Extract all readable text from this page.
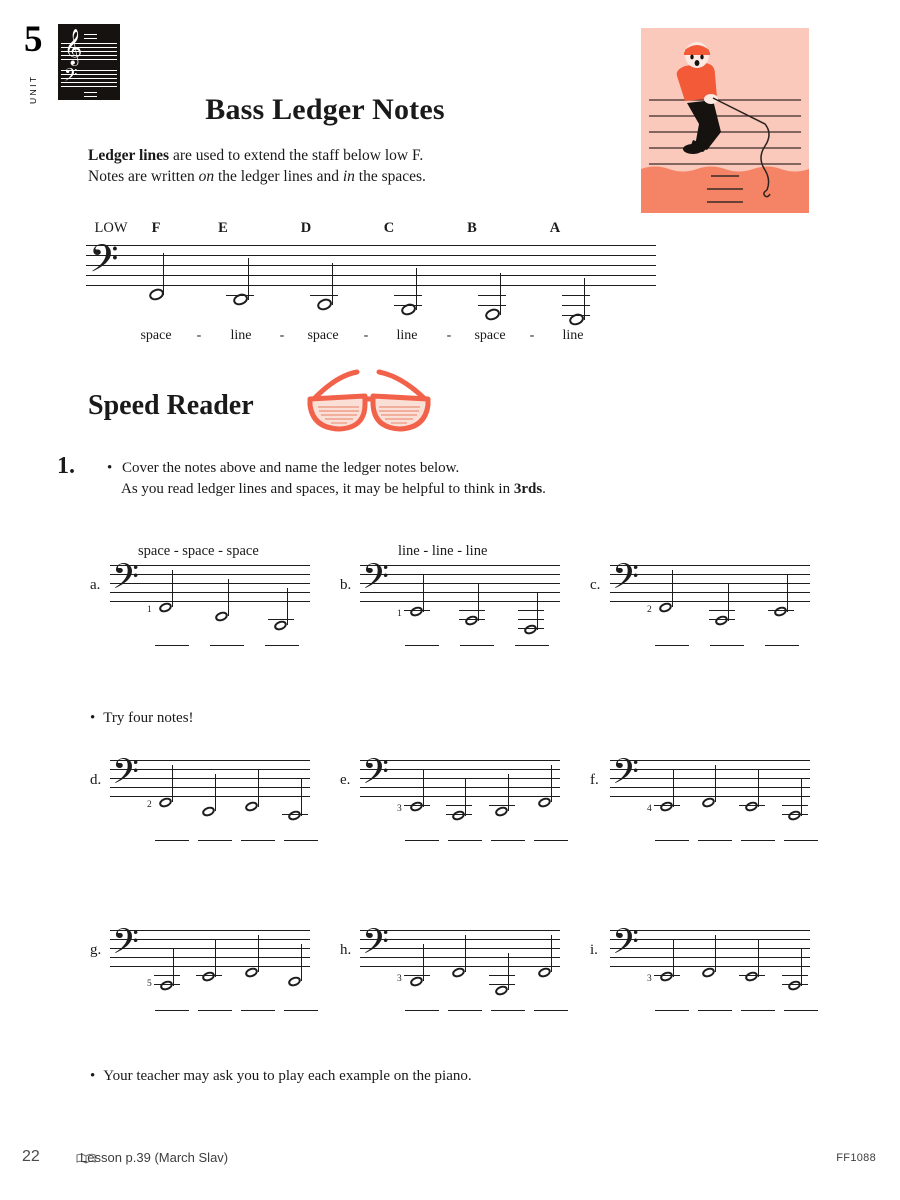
5
UNIT
𝄞
𝄢
Bass Ledger Notes
Ledger lines are used to extend the staff below low F.
Notes are written on the ledger lines and in the spaces.
LOW	F	E	D	C	B	A
𝄢
space	-	line	-	space	-	line	-	space	-	line
Speed Reader
1. • Cover the notes above and name the ledger notes below.
As you read ledger lines and spaces, it may be helpful to think in 3rds.
space - space - space
a. 𝄢
1
line - line - line
b. 𝄢
1
c. 𝄢
2
• Try four notes!
d. 𝄢
2
e. 𝄢
3
f. 𝄢
4
g. 𝄢
5
h. 𝄢
3
i. 𝄢
3
• Your teacher may ask you to play each example on the piano.
22	Lesson p.39 (March Slav)	FF1088
